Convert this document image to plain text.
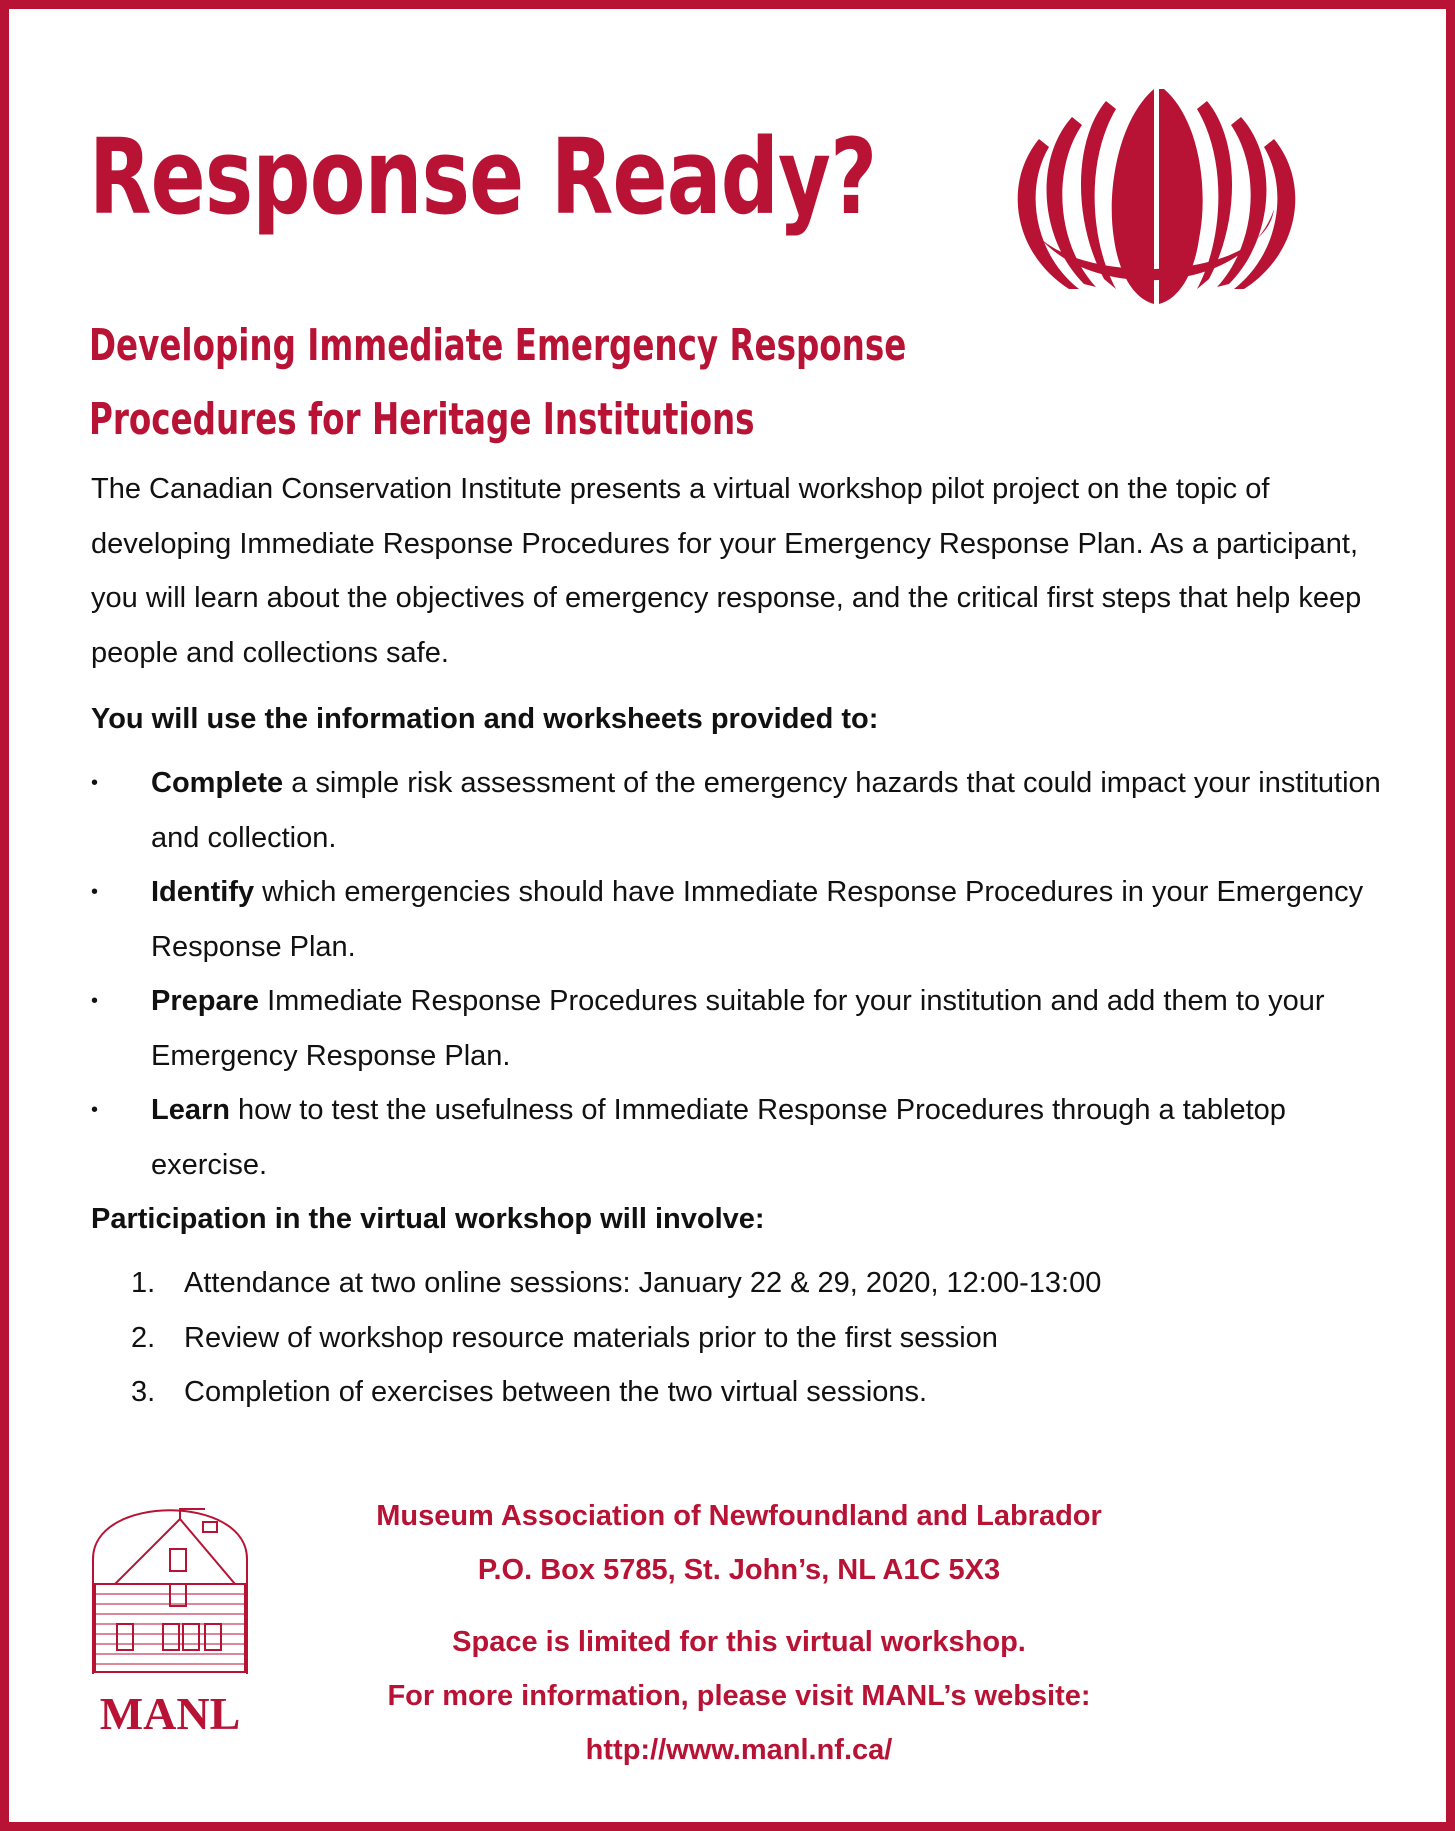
Response Ready?
Developing Immediate Emergency Response
Procedures for Heritage Institutions

The Canadian Conservation Institute presents a virtual workshop pilot project on the topic of developing Immediate Response Procedures for your Emergency Response Plan. As a participant, you will learn about the objectives of emergency response, and the critical first steps that help keep people and collections safe.

You will use the information and worksheets provided to:

• Complete a simple risk assessment of the emergency hazards that could impact your institution and collection.
• Identify which emergencies should have Immediate Response Procedures in your Emergency Response Plan.
• Prepare Immediate Response Procedures suitable for your institution and add them to your Emergency Response Plan.
• Learn how to test the usefulness of Immediate Response Procedures through a tabletop exercise.

Participation in the virtual workshop will involve:

1. Attendance at two online sessions: January 22 & 29, 2020, 12:00-13:00
2. Review of workshop resource materials prior to the first session
3. Completion of exercises between the two virtual sessions.
MANL

Museum Association of Newfoundland and Labrador

P.O. Box 5785, St. John’s, NL A1C 5X3

Space is limited for this virtual workshop.

For more information, please visit MANL’s website:

http://www.manl.nf.ca/
